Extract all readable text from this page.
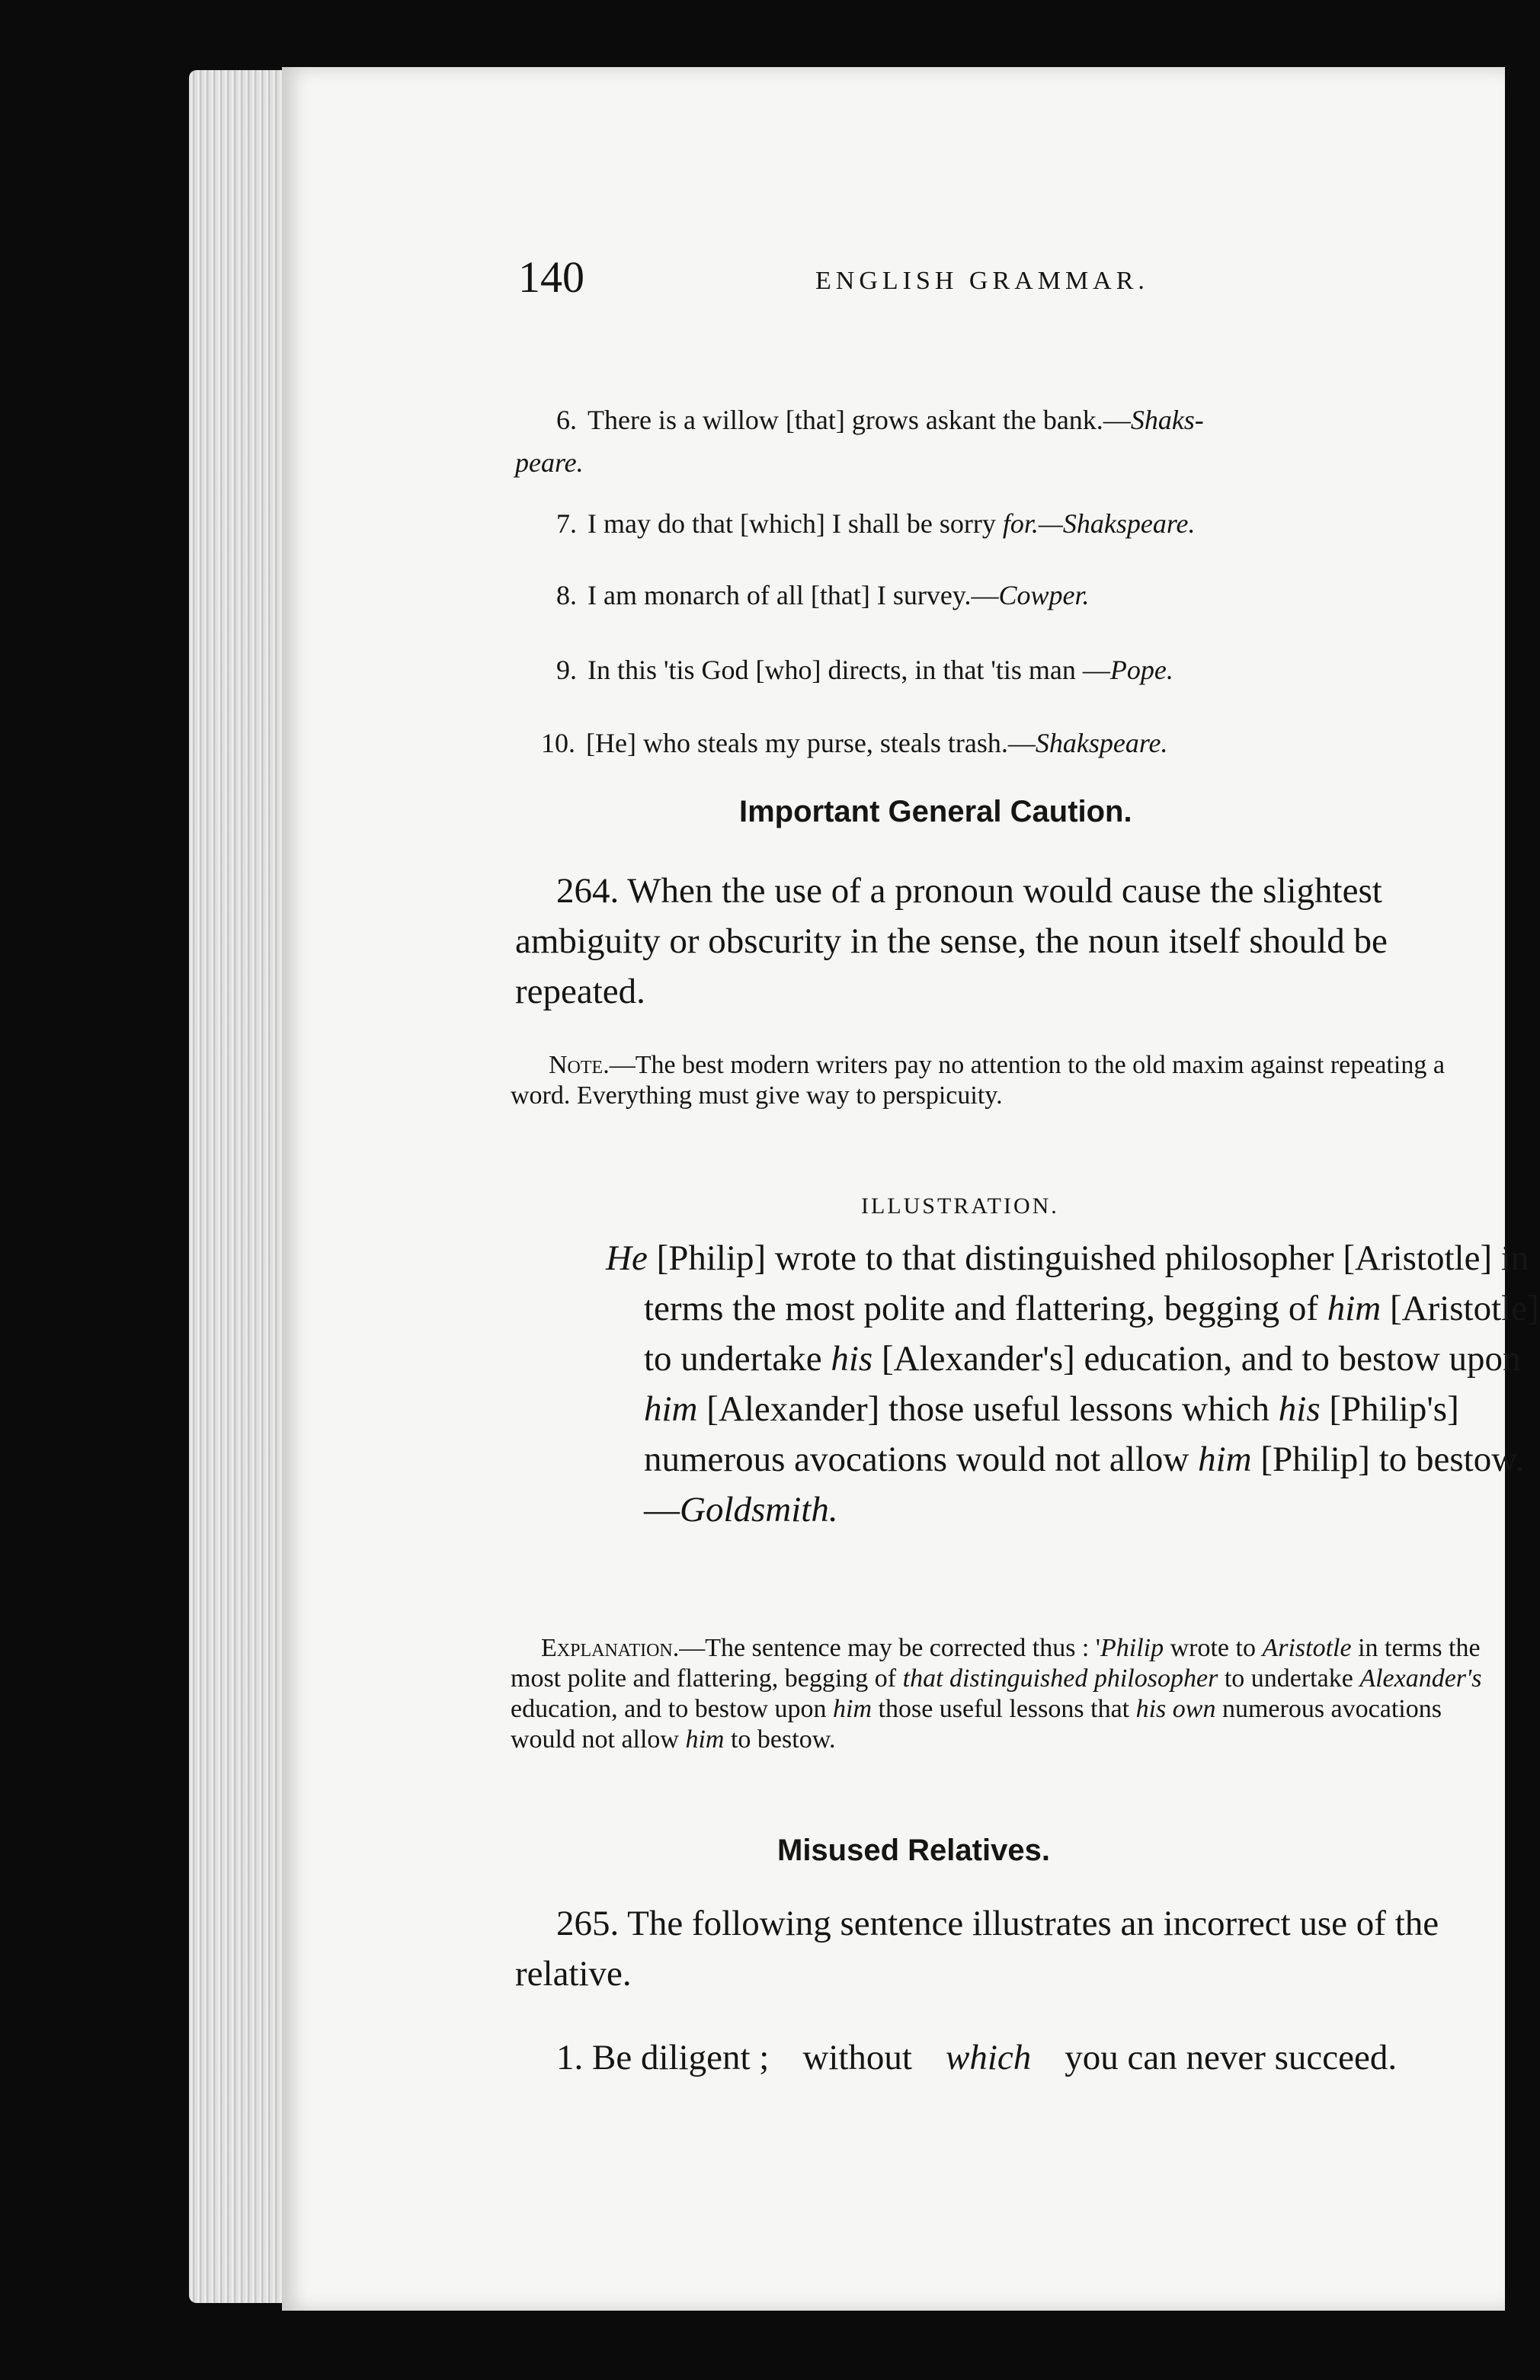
140	ENGLISH GRAMMAR.
6. There is a willow [that] grows askant the bank.—Shaks-
peare.
7. I may do that [which] I shall be sorry for.—Shakspeare.
8. I am monarch of all [that] I survey.—Cowper.
9. In this 'tis God [who] directs, in that 'tis man —Pope.
10. [He] who steals my purse, steals trash.—Shakspeare.
Important General Caution.
264. When the use of a pronoun would cause the slightest ambiguity or obscurity in the sense, the noun itself should be repeated.
Note.—The best modern writers pay no attention to the old maxim against repeating a word. Everything must give way to perspicuity.
ILLUSTRATION.
He [Philip] wrote to that distinguished philosopher [Aristotle] in terms the most polite and flattering, begging of him [Aristotle] to undertake his [Alexander's] education, and to bestow upon him [Alexander] those useful lessons which his [Philip's] numerous avocations would not allow him [Philip] to bestow.—Goldsmith.
Explanation.—The sentence may be corrected thus : 'Philip wrote to Aristotle in terms the most polite and flattering, begging of that distinguished philosopher to undertake Alexander's education, and to bestow upon him those useful lessons that his own numerous avocations would not allow him to bestow.
Misused Relatives.
265. The following sentence illustrates an incorrect use of the relative.
1. Be diligent ; without which you can never succeed.
